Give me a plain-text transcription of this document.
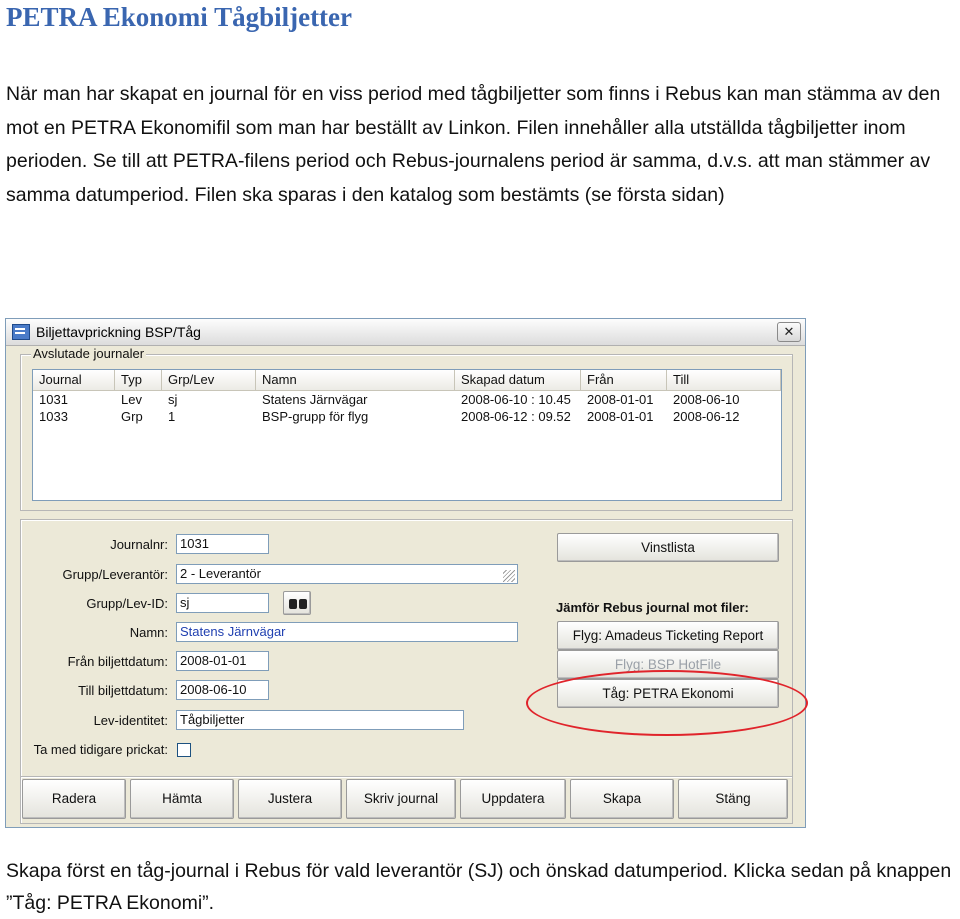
PETRA Ekonomi Tågbiljetter
När man har skapat en journal för en viss period med tågbiljetter som finns i Rebus kan man stämma av den mot en PETRA Ekonomifil som man har beställt av Linkon. Filen innehåller alla utställda tågbiljetter inom perioden. Se till att PETRA-filens period och Rebus-journalens period är samma, d.v.s. att man stämmer av samma datumperiod. Filen ska sparas i den katalog som bestämts (se första sidan)
Biljettavprickning BSP/Tåg	✕
Avslutade journaler
Journal	Typ	Grp/Lev	Namn	Skapad datum	Från	Till
1031	Lev	sj	Statens Järnvägar	2008-06-10 : 10.45	2008-01-01	2008-06-10
1033	Grp	1	BSP-grupp för flyg	2008-06-12 : 09.52	2008-01-01	2008-06-12
Journalnr: 1031
Grupp/Leverantör: 2 - Leverantör
Grupp/Lev-ID: sj
Namn: Statens Järnvägar
Från biljettdatum: 2008-01-01
Till biljettdatum: 2008-06-10
Lev-identitet: Tågbiljetter
Ta med tidigare prickat:
Vinstlista
Jämför Rebus journal mot filer:
Flyg: Amadeus Ticketing Report
Flyg: BSP HotFile
Tåg: PETRA Ekonomi
Radera	Hämta	Justera	Skriv journal	Uppdatera	Skapa	Stäng
Skapa först en tåg-journal i Rebus för vald leverantör (SJ) och önskad datumperiod. Klicka sedan på knappen ”Tåg: PETRA Ekonomi”.
